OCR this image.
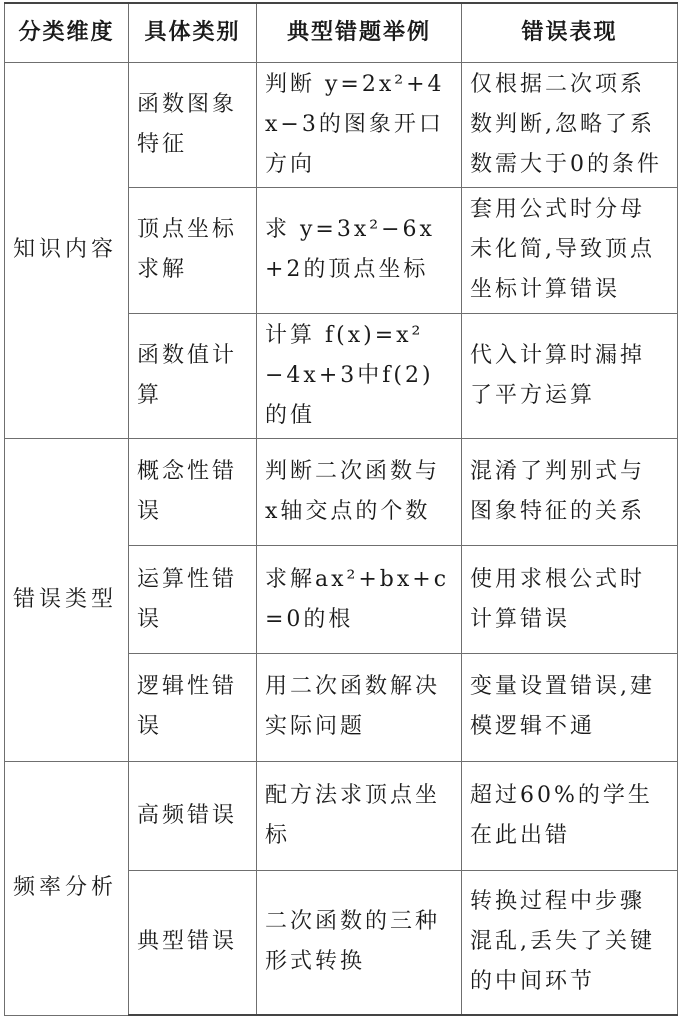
分类维度	具体类别	典型错题举例	错误表现
知识内容	函数图象特征	判断 y=2x²+4x−3的图象开口方向	仅根据二次项系数判断,忽略了系数需大于0的条件
	顶点坐标求解	求 y=3x²−6x+2的顶点坐标	套用公式时分母未化简,导致顶点坐标计算错误
	函数值计算	计算 f(x)=x²−4x+3中f(2)的值	代入计算时漏掉了平方运算
错误类型	概念性错误	判断二次函数与x轴交点的个数	混淆了判别式与图象特征的关系
	运算性错误	求解ax²+bx+c=0的根	使用求根公式时计算错误
	逻辑性错误	用二次函数解决实际问题	变量设置错误,建模逻辑不通
频率分析	高频错误	配方法求顶点坐标	超过60%的学生在此出错
	典型错误	二次函数的三种形式转换	转换过程中步骤混乱,丢失了关键的中间环节
